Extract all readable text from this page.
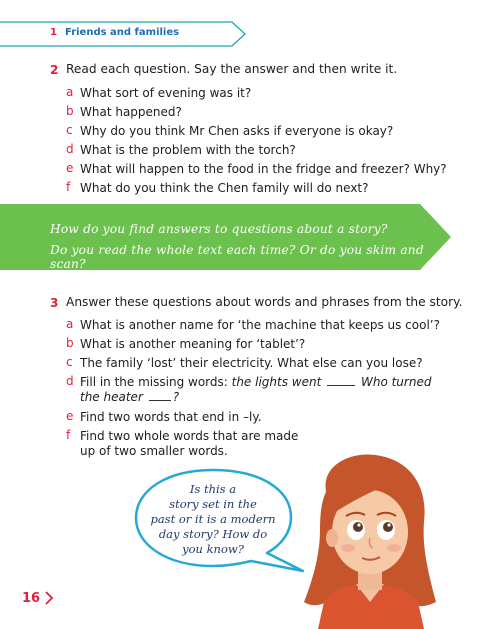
1 Friends and families
2 Read each question. Say the answer and then write it.
a What sort of evening was it?
b What happened?
c Why do you think Mr Chen asks if everyone is okay?
d What is the problem with the torch?
e What will happen to the food in the fridge and freezer? Why?
f What do you think the Chen family will do next?
How do you find answers to questions about a story?
Do you read the whole text each time? Or do you skim and scan?
3 Answer these questions about words and phrases from the story.
a What is another name for ‘the machine that keeps us cool’?
b What is another meaning for ‘tablet’?
c The family ‘lost’ their electricity. What else can you lose?
d Fill in the missing words: the lights went	Who turned
the heater ?
e Find two words that end in –ly.
f Find two whole words that are made
up of two smaller words.
Is this a
story set in the
past or it is a modern
day story? How do
you know?
16
